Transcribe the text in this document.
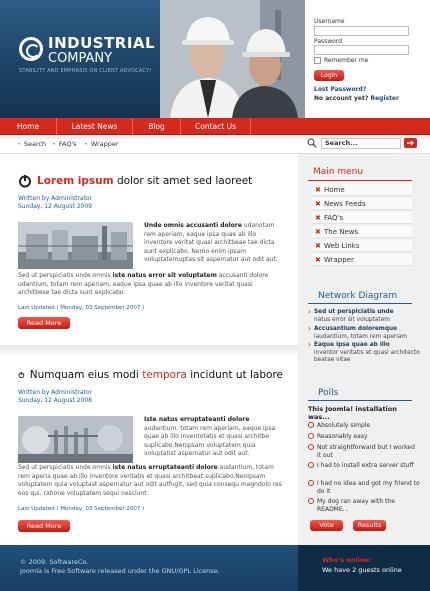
INDUSTRIAL
COMPANY
STABILITY AND EMPHASIS ON CLIENT ADVOCACY!
Username
Password
Remember me
Login
Lost Password?
No account yet? Register
Home	Latest News	Blog	Contact Us
• Search • FAQ's • Wrapper	Search...
Main menu
✖ Home
✖ News Feeds
✖ FAQ's
✖ The News
✖ Web Links
✖ Wrapper
Network Diagram
› Sed ut perspiciatis unde
natus error sit voluptatem
› Accusantium doloremque
laudantium, totam rem aperiam
› Eaque ipsa quae ab illo
inventor veritatis et quasi architecto beatae vitae
Polls
This Joomla! installation was...
Absolutely simple
Reasonably easy
Not straightforward but I worked it out
I had to install extra server stuff
I had no idea and got my friend to do it
My dog ran away with the README...
Vote	Results
Lorem ipsum dolor sit amet sed laoreet
Written by Administrator
Sunday, 12 August 2009
Unde omnis accusanti dolore udanotam rem aperiam, eaque ipsa quae ab illo inventore veritat quasi architbeae tae dicta sunt explicabo. Nemo enim ipsam voluptatemuptas sit aspernatur aut odit aut.
Sed ut perspiciatis unde omnis iste natus error sit voluptatem accusanti dolore udantium, totam rem aperiam, eaque ipsa quae ab illo inventore veritat quasi architbese tae dicta sunt explicabo.
Last Updated ( Monday, 03 September 2007 )
Read More
Numquam eius modi tempora incidunt ut labore
Written by Administrator
Sunday, 12 August 2008
Iste natus erruptateanti dolore audantium, totam rem aperiam, eaque ipsa quae ab illo inventotatis et quasi architbe suplicabo.Nenipsam voluptatem quia voluptatist aspernatur aut odit aut.
Sed ut perspiciatis unde omnis iste natus erruptateanti dolore audantium, totam rem aperia quae ab illo inventore veritatis et quasi architbeat suplicabo.Nenipsam voluptatem quia voluptast aspernatur aut odit autfugit, sed quia consequ magndolo res eos qui. ratione voluptatem sequi nesciunt.
Last Updated ( Monday, 03 September 2007 )
Read More
© 2009. SoftwareCo.
Joomla is Free Software released under the GNU/GPL License.
Who's online:
We have 2 guests online
